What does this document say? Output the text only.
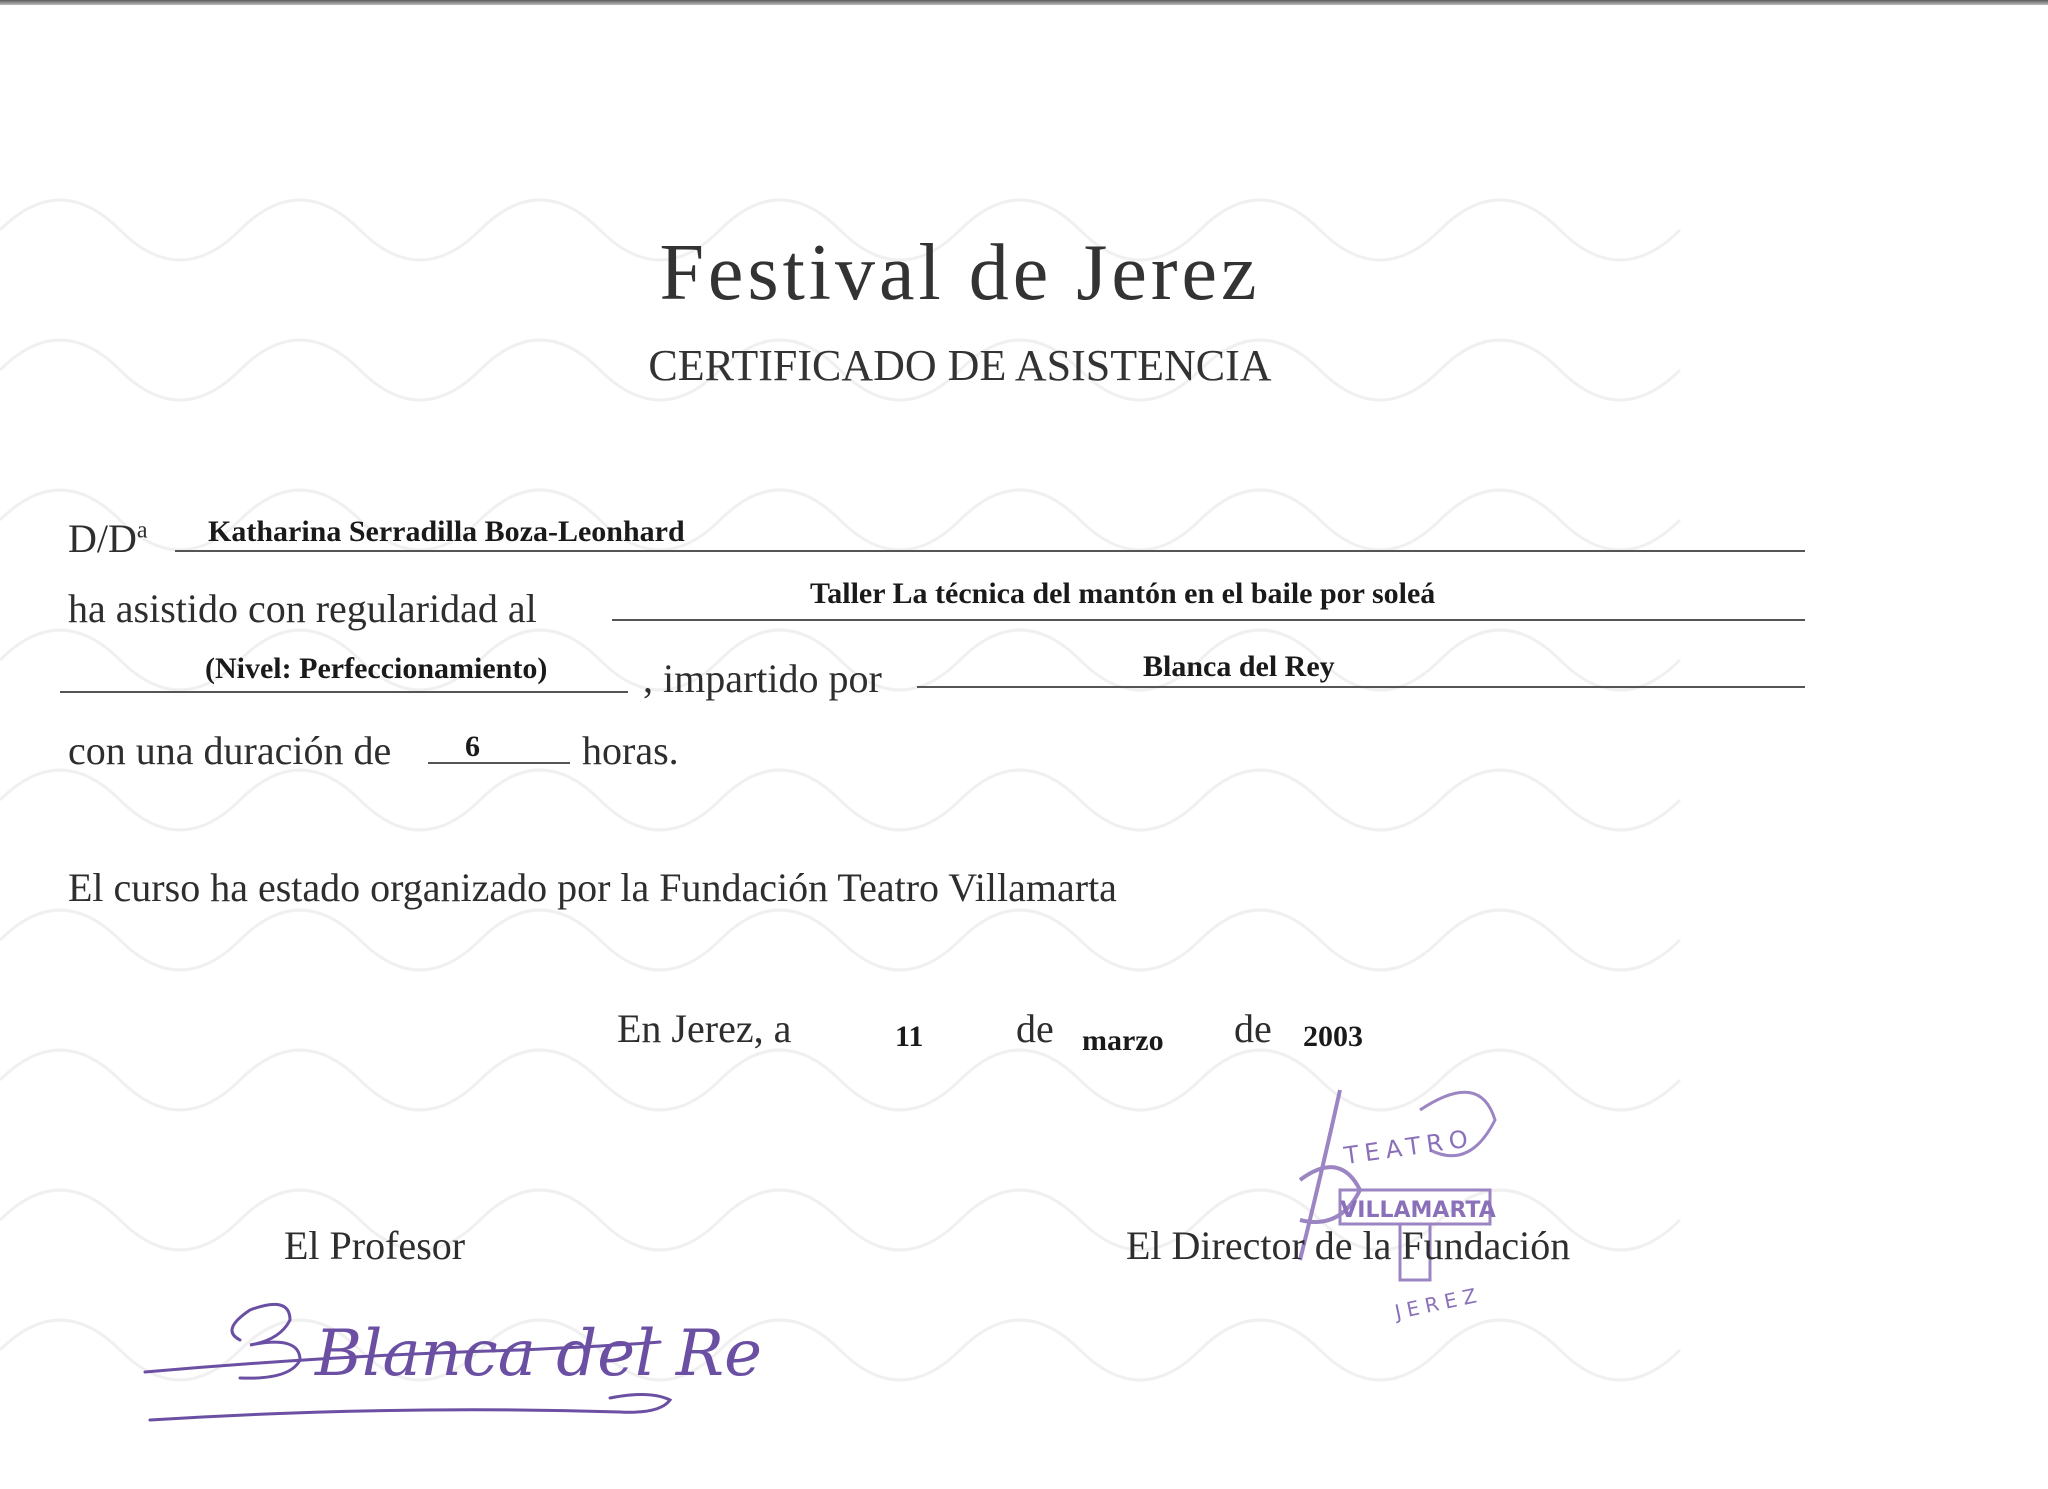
Festival de Jerez
CERTIFICADO DE ASISTENCIA
$D/D^a$ Katharina Serradilla Boza-Leonhard
ha asistido con regularidad al	Taller La técnica del mantón en el baile por soleá
(Nivel: Perfeccionamiento) , impartido por	Blanca del Rey
con una duración de 6	horas.
El curso ha estado organizado por la Fundación Teatro Villamarta
En Jerez, a	11 de marzo de 2003
El Profesor	El Director de la Fundación
Blanca del Re
TEATRO
VILLAMARTA
JEREZ
